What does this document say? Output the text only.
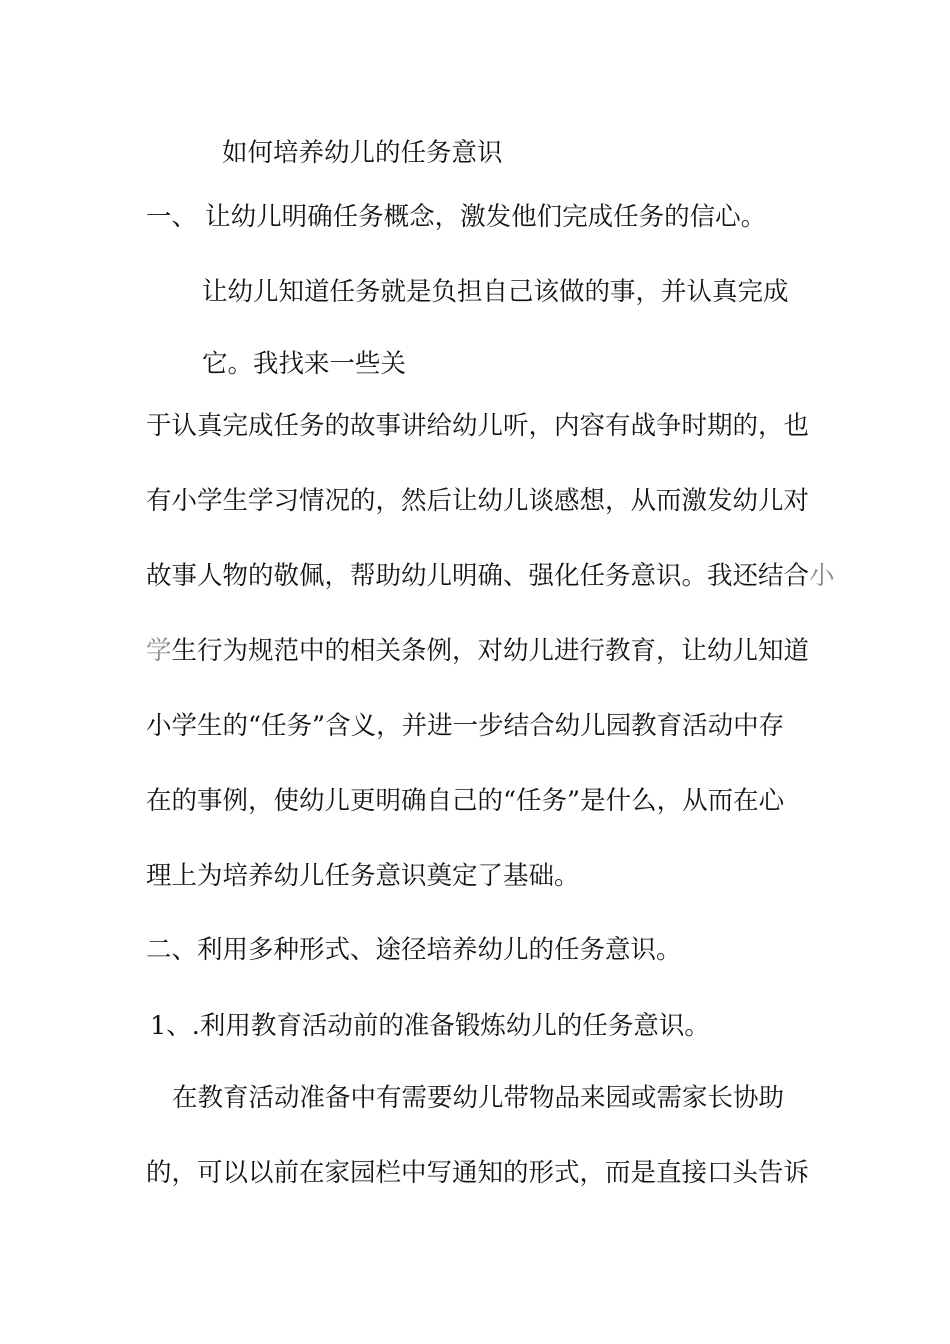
如何培养幼儿的任务意识
一、 让幼儿明确任务概念，激发他们完成任务的信心。
让幼儿知道任务就是负担自己该做的事，并认真完成
它。我找来一些关
于认真完成任务的故事讲给幼儿听，内容有战争时期的，也
有小学生学习情况的，然后让幼儿谈感想，从而激发幼儿对
故事人物的敬佩，帮助幼儿明确、强化任务意识。我还结合小
学生行为规范中的相关条例，对幼儿进行教育，让幼儿知道
小学生的“任务”含义，并进一步结合幼儿园教育活动中存
在的事例，使幼儿更明确自己的“任务”是什么，从而在心
理上为培养幼儿任务意识奠定了基础。
二、利用多种形式、途径培养幼儿的任务意识。
1、.利用教育活动前的准备锻炼幼儿的任务意识。
在教育活动准备中有需要幼儿带物品来园或需家长协助
的，可以以前在家园栏中写通知的形式，而是直接口头告诉
